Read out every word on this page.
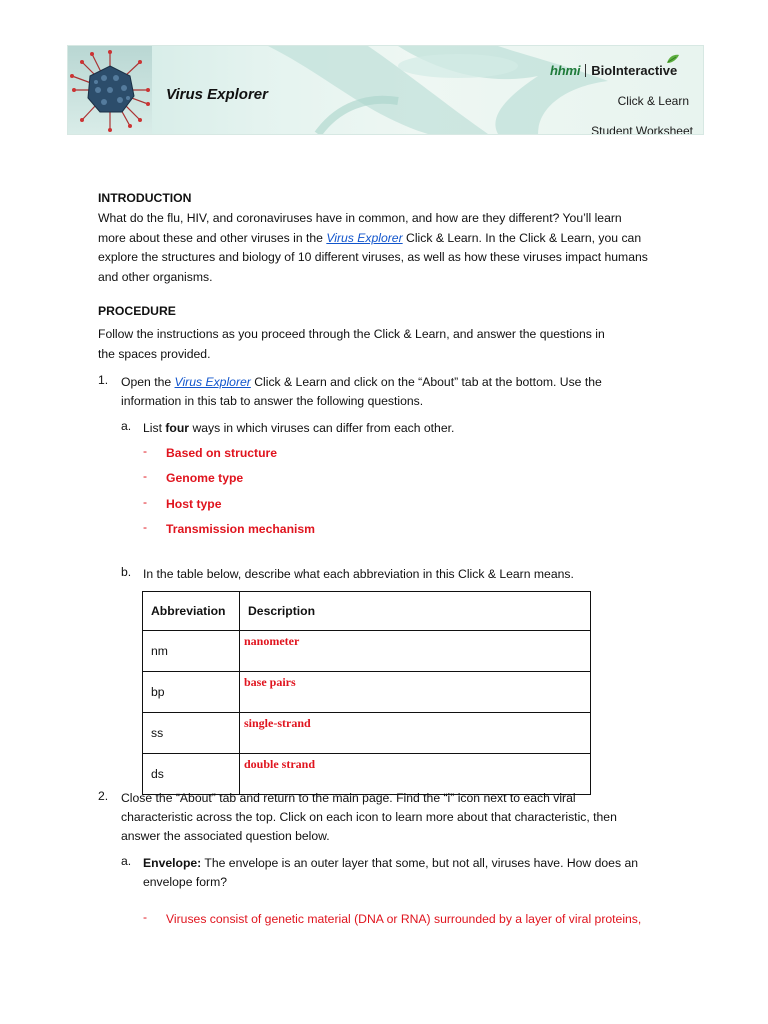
Virus Explorer
hhmi BioInteractive
Click & Learn
Student Worksheet
INTRODUCTION
What do the flu, HIV, and coronaviruses have in common, and how are they different? You’ll learn
more about these and other viruses in the Virus Explorer Click & Learn. In the Click & Learn, you can
explore the structures and biology of 10 different viruses, as well as how these viruses impact humans
and other organisms.
PROCEDURE
Follow the instructions as you proceed through the Click & Learn, and answer the questions in
the spaces provided.
1. Open the Virus Explorer Click & Learn and click on the “About” tab at the bottom. Use the
information in this tab to answer the following questions.
a. List four ways in which viruses can differ from each other.
- Based on structure
- Genome type
- Host type
- Transmission mechanism
b. In the table below, describe what each abbreviation in this Click & Learn means.
Abbreviation	Description
nm	nanometer
bp	base pairs
ss	single-strand
ds	double strand
2. Close the “About” tab and return to the main page. Find the “i” icon next to each viral
characteristic across the top. Click on each icon to learn more about that characteristic, then
answer the associated question below.
a. Envelope: The envelope is an outer layer that some, but not all, viruses have. How does an
envelope form?
- Viruses consist of genetic material (DNA or RNA) surrounded by a layer of viral proteins,
